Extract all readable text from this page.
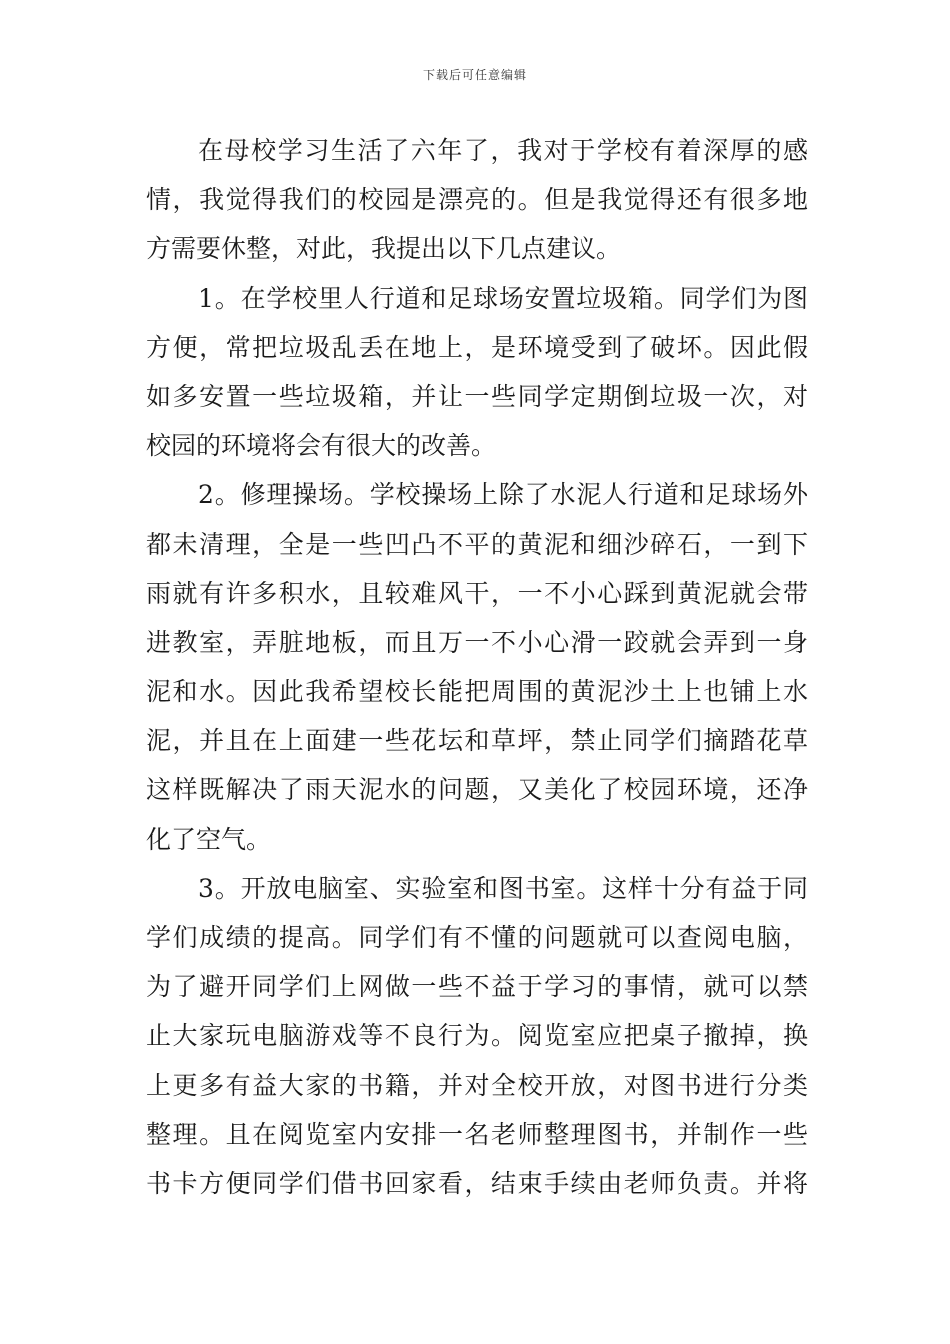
下载后可任意编辑
在母校学习生活了六年了，我对于学校有着深厚的感
情，我觉得我们的校园是漂亮的。但是我觉得还有很多地
方需要休整，对此，我提出以下几点建议。
1。在学校里人行道和足球场安置垃圾箱。同学们为图
方便，常把垃圾乱丢在地上，是环境受到了破坏。因此假
如多安置一些垃圾箱，并让一些同学定期倒垃圾一次，对
校园的环境将会有很大的改善。
2。修理操场。学校操场上除了水泥人行道和足球场外
都未清理，全是一些凹凸不平的黄泥和细沙碎石，一到下
雨就有许多积水，且较难风干，一不小心踩到黄泥就会带
进教室，弄脏地板，而且万一不小心滑一跤就会弄到一身
泥和水。因此我希望校长能把周围的黄泥沙土上也铺上水
泥，并且在上面建一些花坛和草坪，禁止同学们摘踏花草
这样既解决了雨天泥水的问题，又美化了校园环境，还净
化了空气。
3。开放电脑室、实验室和图书室。这样十分有益于同
学们成绩的提高。同学们有不懂的问题就可以查阅电脑，
为了避开同学们上网做一些不益于学习的事情，就可以禁
止大家玩电脑游戏等不良行为。阅览室应把桌子撤掉，换
上更多有益大家的书籍，并对全校开放，对图书进行分类
整理。且在阅览室内安排一名老师整理图书，并制作一些
书卡方便同学们借书回家看，结束手续由老师负责。并将
